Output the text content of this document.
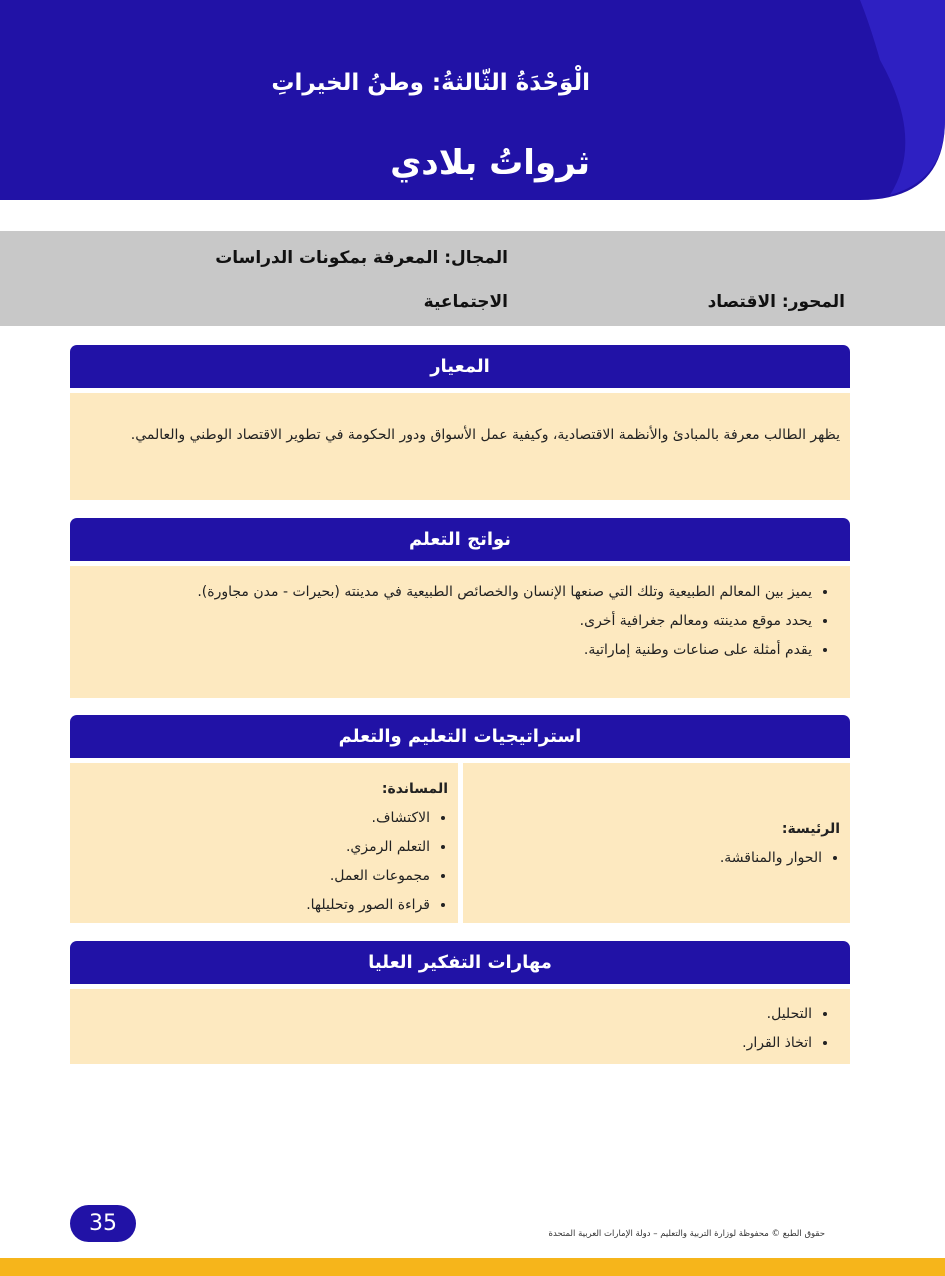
الْوَحْدَةُ الثّالثةُ: وطنُ الخيراتِ
ثرواتُ بلادي
المجال: المعرفة بمكونات الدراسات الاجتماعية	المحور: الاقتصاد
المعيار
يظهر الطالب معرفة بالمبادئ والأنظمة الاقتصادية، وكيفية عمل الأسواق ودور الحكومة في تطوير الاقتصاد الوطني والعالمي.
نواتج التعلم
• يميز بين المعالم الطبيعية وتلك التي صنعها الإنسان والخصائص الطبيعية في مدينته (بحيرات - مدن مجاورة).
• يحدد موقع مدينته ومعالم جغرافية أخرى.
• يقدم أمثلة على صناعات وطنية إماراتية.
استراتيجيات التعليم والتعلم
الرئيسة:
• الحوار والمناقشة.
المساندة:
• الاكتشاف.
• التعلم الرمزي.
• مجموعات العمل.
• قراءة الصور وتحليلها.
مهارات التفكير العليا
• التحليل.
• اتخاذ القرار.
35	حقوق الطبع © محفوظة لوزارة التربية والتعليم – دولة الإمارات العربية المتحدة
